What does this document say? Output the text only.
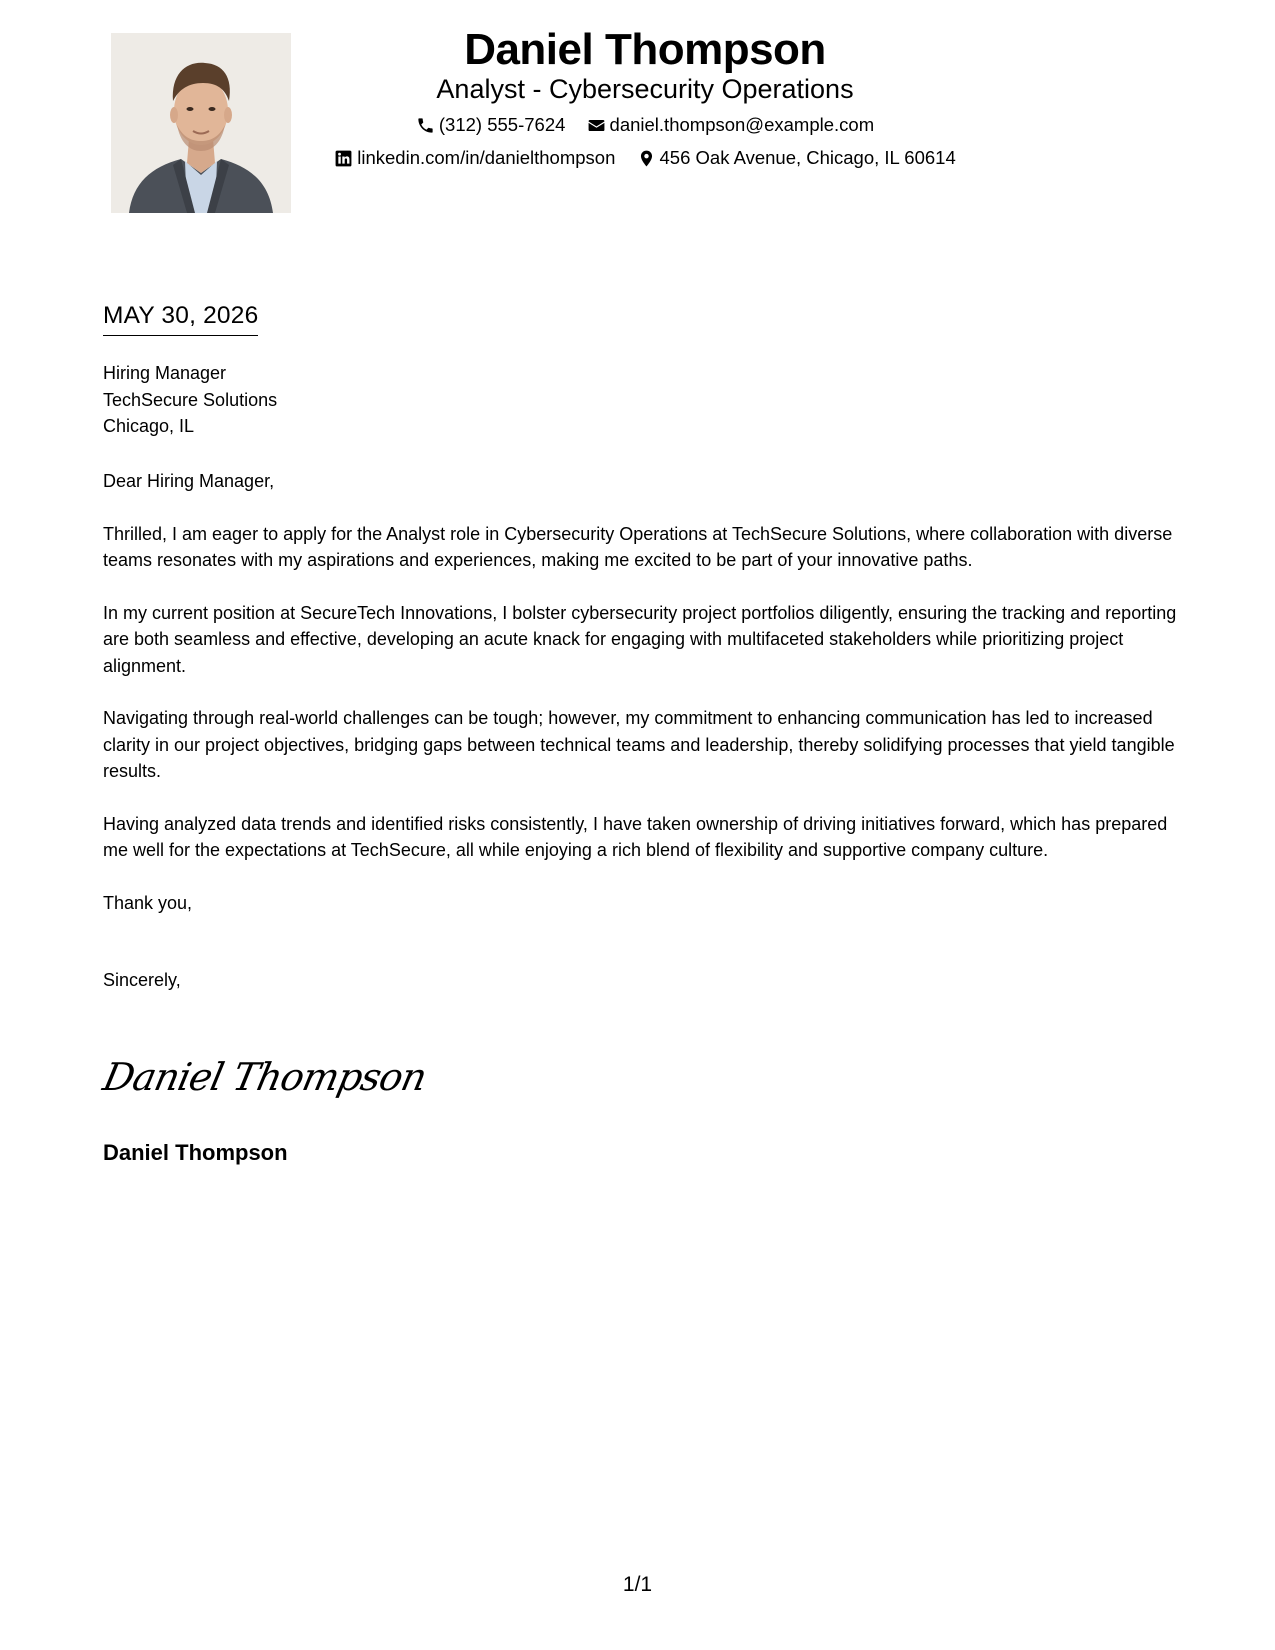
Daniel Thompson
Analyst - Cybersecurity Operations
(312) 555-7624
daniel.thompson@example.com
linkedin.com/in/danielthompson
456 Oak Avenue, Chicago, IL 60614
MAY 30, 2026
Hiring Manager
TechSecure Solutions
Chicago, IL

Dear Hiring Manager,

Thrilled, I am eager to apply for the Analyst role in Cybersecurity Operations at TechSecure Solutions, where collaboration with diverse teams resonates with my aspirations and experiences, making me excited to be part of your innovative paths.

In my current position at SecureTech Innovations, I bolster cybersecurity project portfolios diligently, ensuring the tracking and reporting are both seamless and effective, developing an acute knack for engaging with multifaceted stakeholders while prioritizing project alignment.

Navigating through real-world challenges can be tough; however, my commitment to enhancing communication has led to increased clarity in our project objectives, bridging gaps between technical teams and leadership, thereby solidifying processes that yield tangible results.

Having analyzed data trends and identified risks consistently, I have taken ownership of driving initiatives forward, which has prepared me well for the expectations at TechSecure, all while enjoying a rich blend of flexibility and supportive company culture.

Thank you,

Sincerely,

Daniel Thompson
Daniel Thompson
1/1
